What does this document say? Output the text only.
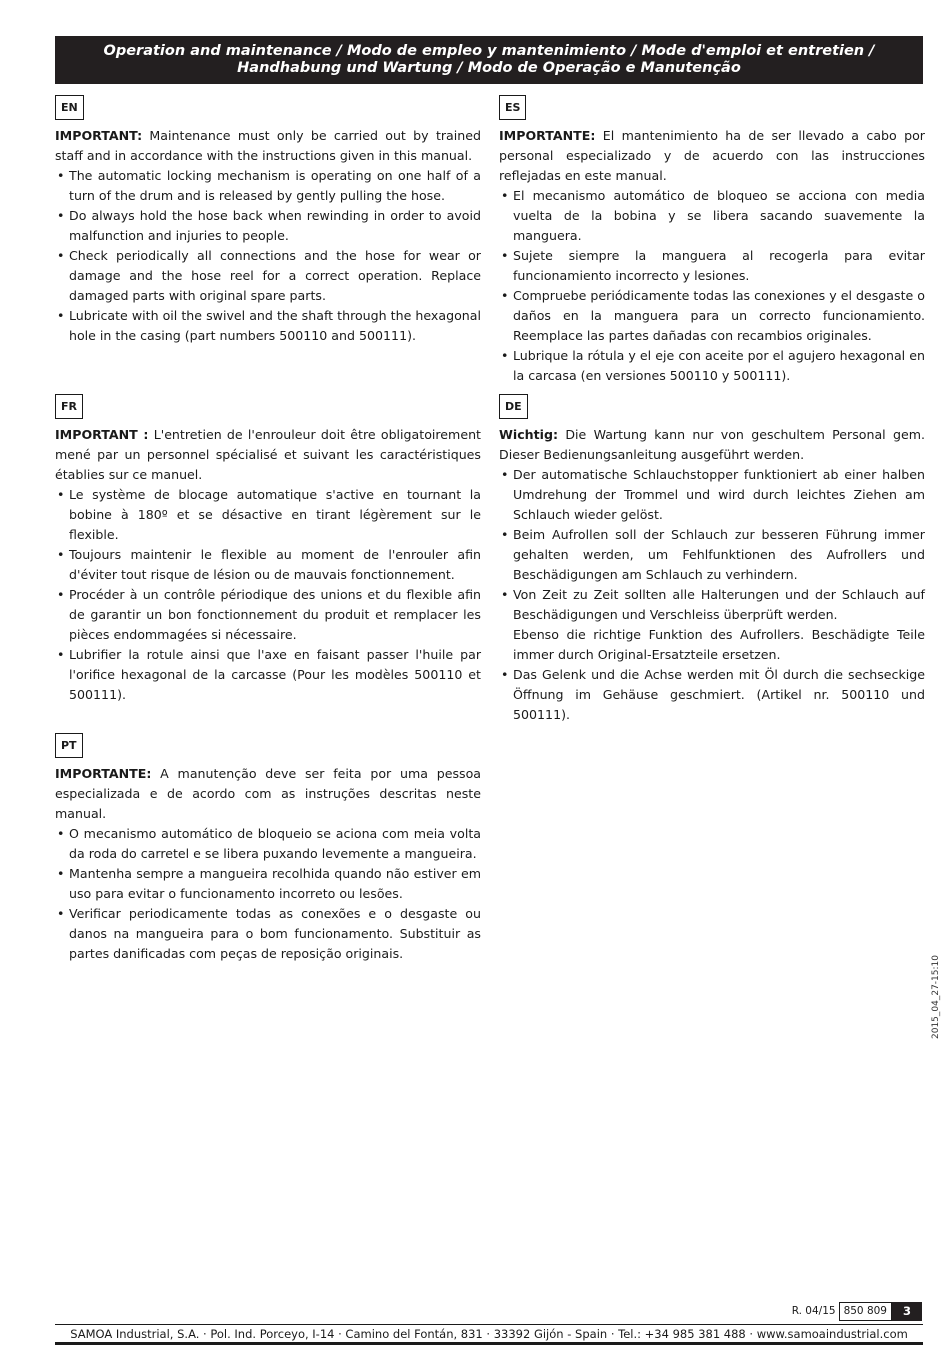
Operation and maintenance / Modo de empleo y mantenimiento / Mode d'emploi et entretien /
Handhabung und Wartung / Modo de Operação e Manutenção
EN

IMPORTANT: Maintenance must only be carried out by trained staff and in accordance with the instructions given in this manual.

• The automatic locking mechanism is operating on one half of a turn of the drum and is released by gently pulling the hose.
• Do always hold the hose back when rewinding in order to avoid malfunction and injuries to people.
• Check periodically all connections and the hose for wear or damage and the hose reel for a correct operation. Replace damaged parts with original spare parts.
• Lubricate with oil the swivel and the shaft through the hexagonal hole in the casing (part numbers 500110 and 500111).
ES

IMPORTANTE: El mantenimiento ha de ser llevado a cabo por personal especializado y de acuerdo con las instrucciones reflejadas en este manual.

• El mecanismo automático de bloqueo se acciona con media vuelta de la bobina y se libera sacando suavemente la manguera.
• Sujete siempre la manguera al recogerla para evitar funcionamiento incorrecto y lesiones.
• Compruebe periódicamente todas las conexiones y el desgaste o daños en la manguera para un correcto funcionamiento. Reemplace las partes dañadas con recambios originales.
• Lubrique la rótula y el eje con aceite por el agujero hexagonal en la carcasa (en versiones 500110 y 500111).
FR

IMPORTANT : L'entretien de l'enrouleur doit être obligatoirement mené par un personnel spécialisé et suivant les caractéristiques établies sur ce manuel.

• Le système de blocage automatique s'active en tournant la bobine à 180º et se désactive en tirant légèrement sur le flexible.
• Toujours maintenir le flexible au moment de l'enrouler afin d'éviter tout risque de lésion ou de mauvais fonctionnement.
• Procéder à un contrôle périodique des unions et du flexible afin de garantir un bon fonctionnement du produit et remplacer les pièces endommagées si nécessaire.
• Lubrifier la rotule ainsi que l'axe en faisant passer l'huile par l'orifice hexagonal de la carcasse (Pour les modèles 500110 et 500111).
DE

Wichtig: Die Wartung kann nur von geschultem Personal gem. Dieser Bedienungsanleitung ausgeführt werden.

• Der automatische Schlauchstopper funktioniert ab einer halben Umdrehung der Trommel und wird durch leichtes Ziehen am Schlauch wieder gelöst.
• Beim Aufrollen soll der Schlauch zur besseren Führung immer gehalten werden, um Fehlfunktionen des Aufrollers und Beschädigungen am Schlauch zu verhindern.
• Von Zeit zu Zeit sollten alle Halterungen und der Schlauch auf Beschädigungen und Verschleiss überprüft werden.

Ebenso die richtige Funktion des Aufrollers. Beschädigte Teile immer durch Original-Ersatzteile ersetzen.

• Das Gelenk und die Achse werden mit Öl durch die sechseckige Öffnung im Gehäuse geschmiert. (Artikel nr. 500110 und 500111).
PT

IMPORTANTE: A manutenção deve ser feita por uma pessoa especializada e de acordo com as instruções descritas neste manual.

• O mecanismo automático de bloqueio se aciona com meia volta da roda do carretel e se libera puxando levemente a mangueira.
• Mantenha sempre a mangueira recolhida quando não estiver em uso para evitar o funcionamento incorreto ou lesões.
• Verificar periodicamente todas as conexões e o desgaste ou danos na mangueira para o bom funcionamento. Substituir as partes danificadas com peças de reposição originais.
2015_04_27-15:10
R. 04/15 850 809	3
SAMOA Industrial, S.A. · Pol. Ind. Porceyo, I-14 · Camino del Fontán, 831 · 33392 Gijón - Spain · Tel.: +34 985 381 488 · www.samoaindustrial.com
